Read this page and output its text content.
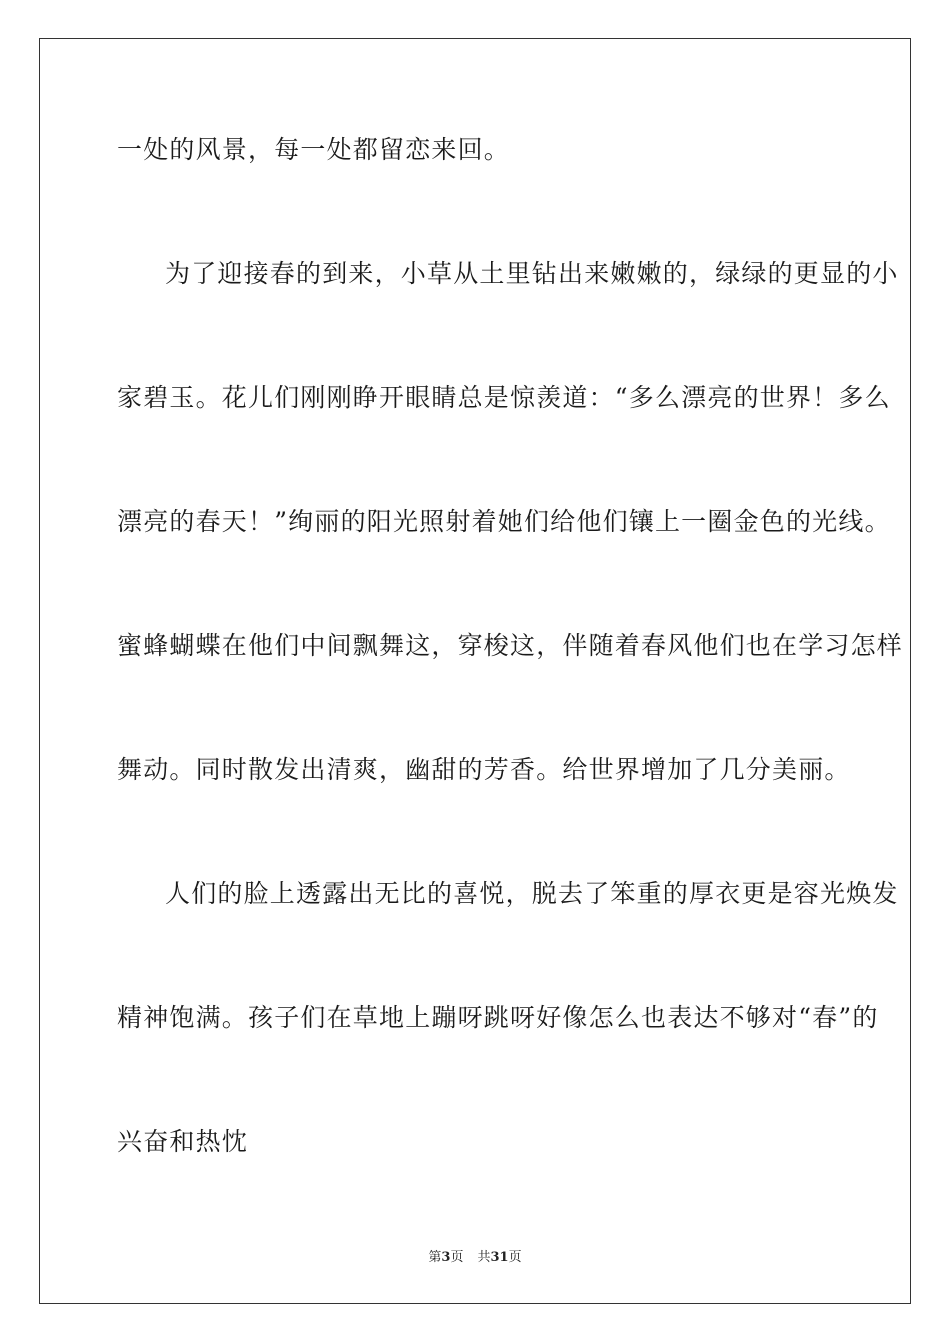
一处的风景，每一处都留恋来回。
为了迎接春的到来，小草从土里钻出来嫩嫩的，绿绿的更显的小
家碧玉。花儿们刚刚睁开眼睛总是惊羡道：“多么漂亮的世界！多么
漂亮的春天！”绚丽的阳光照射着她们给他们镶上一圈金色的光线。
蜜蜂蝴蝶在他们中间飘舞这，穿梭这，伴随着春风他们也在学习怎样
舞动。同时散发出清爽，幽甜的芳香。给世界增加了几分美丽。
人们的脸上透露出无比的喜悦，脱去了笨重的厚衣更是容光焕发
精神饱满。孩子们在草地上蹦呀跳呀好像怎么也表达不够对“春”的
兴奋和热忱
第3页 共31页
